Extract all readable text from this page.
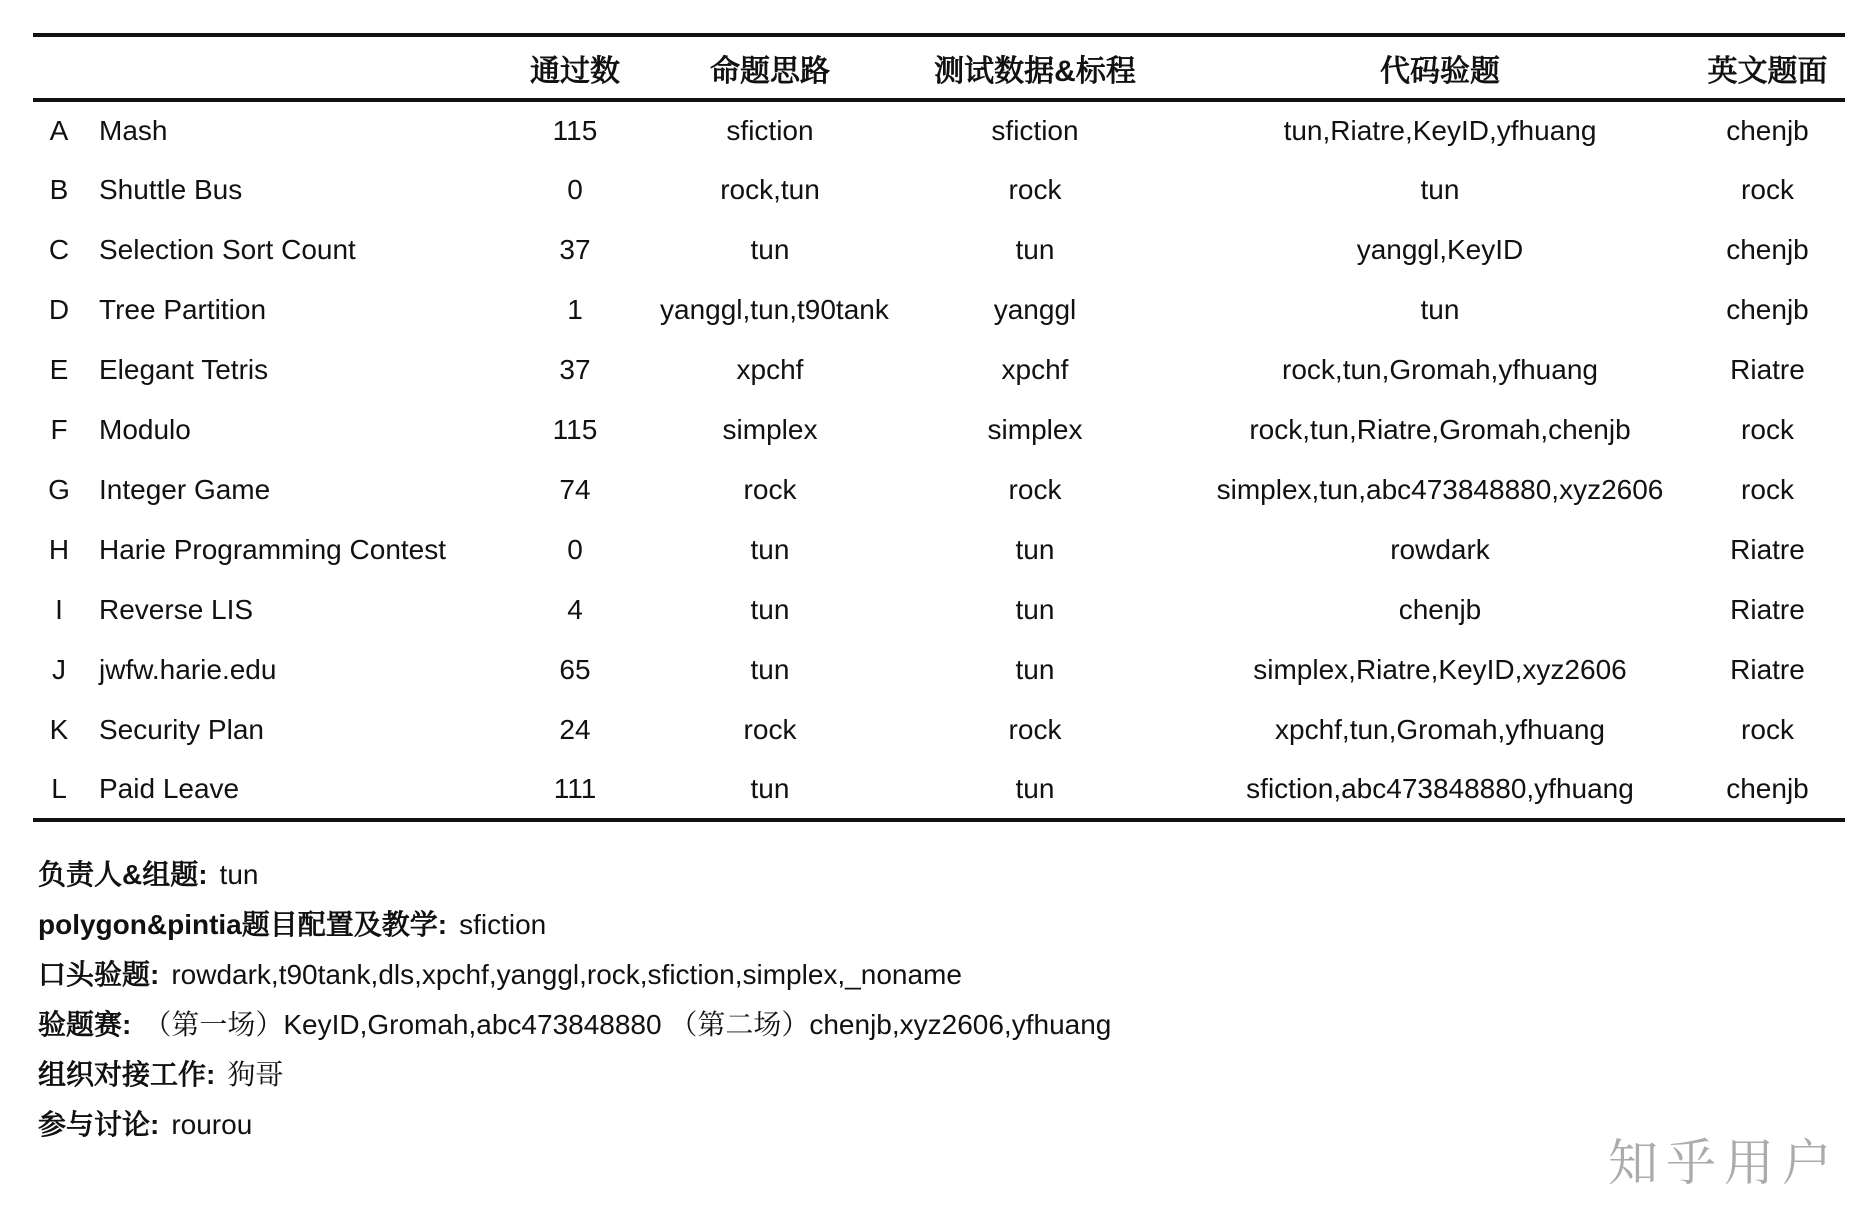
		通过数	命题思路	测试数据&标程	代码验题	英文题面
A	Mash	115	sfiction	sfiction	tun,Riatre,KeyID,yfhuang	chenjb
B	Shuttle Bus	0	rock,tun	rock	tun	rock
C	Selection Sort Count	37	tun	tun	yanggl,KeyID	chenjb
D	Tree Partition	1	yanggl,tun,t90tank	yanggl	tun	chenjb
E	Elegant Tetris	37	xpchf	xpchf	rock,tun,Gromah,yfhuang	Riatre
F	Modulo	115	simplex	simplex	rock,tun,Riatre,Gromah,chenjb	rock
G	Integer Game	74	rock	rock	simplex,tun,abc473848880,xyz2606	rock
H	Harie Programming Contest	0	tun	tun	rowdark	Riatre
I	Reverse LIS	4	tun	tun	chenjb	Riatre
J	jwfw.harie.edu	65	tun	tun	simplex,Riatre,KeyID,xyz2606	Riatre
K	Security Plan	24	rock	rock	xpchf,tun,Gromah,yfhuang	rock
L	Paid Leave	111	tun	tun	sfiction,abc473848880,yfhuang	chenjb
负责人&组题: tun
polygon&pintia题目配置及教学: sfiction
口头验题: rowdark,t90tank,dls,xpchf,yanggl,rock,sfiction,simplex,_noname
验题赛: （第一场）KeyID,Gromah,abc473848880 （第二场）chenjb,xyz2606,yfhuang
组织对接工作: 狗哥
参与讨论: rourou
知乎用户
